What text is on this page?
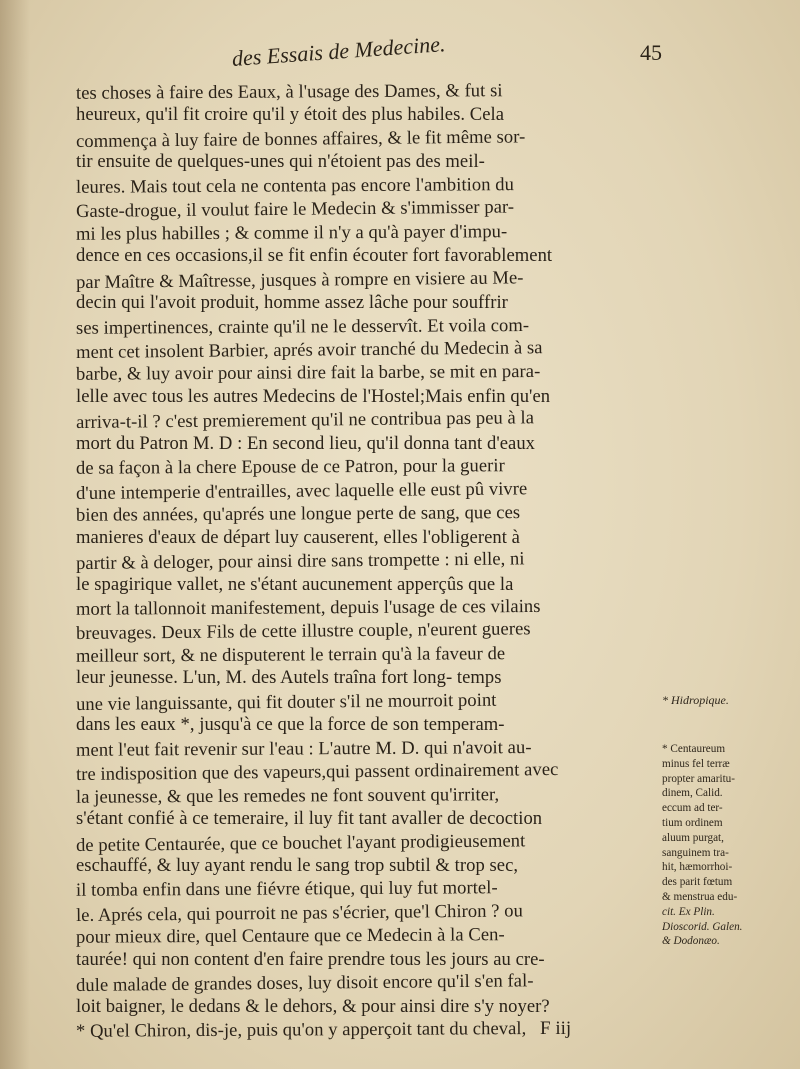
des Essais de Medecine.	45
tes choses à faire des Eaux, à l'usage des Dames, & fut si
heureux, qu'il fit croire qu'il y étoit des plus habiles. Cela
commença à luy faire de bonnes affaires, & le fit même sor-
tir ensuite de quelques-unes qui n'étoient pas des meil-
leures. Mais tout cela ne contenta pas encore l'ambition du
Gaste-drogue, il voulut faire le Medecin & s'immisser par-
mi les plus habilles ; & comme il n'y a qu'à payer d'impu-
dence en ces occasions,il se fit enfin écouter fort favorablement
par Maître & Maîtresse, jusques à rompre en visiere au Me-
decin qui l'avoit produit, homme assez lâche pour souffrir
ses impertinences, crainte qu'il ne le desservît. Et voila com-
ment cet insolent Barbier, aprés avoir tranché du Medecin à sa
barbe, & luy avoir pour ainsi dire fait la barbe, se mit en para-
lelle avec tous les autres Medecins de l'Hostel;Mais enfin qu'en
arriva-t-il ? c'est premierement qu'il ne contribua pas peu à la
mort du Patron M. D : En second lieu, qu'il donna tant d'eaux
de sa façon à la chere Epouse de ce Patron, pour la guerir
d'une intemperie d'entrailles, avec laquelle elle eust pû vivre
bien des années, qu'aprés une longue perte de sang, que ces
manieres d'eaux de départ luy causerent, elles l'obligerent à
partir & à deloger, pour ainsi dire sans trompette : ni elle, ni
le spagirique vallet, ne s'étant aucunement apperçûs que la
mort la tallonnoit manifestement, depuis l'usage de ces vilains
breuvages. Deux Fils de cette illustre couple, n'eurent gueres
meilleur sort, & ne disputerent le terrain qu'à la faveur de
leur jeunesse. L'un, M. des Autels traîna fort long- temps
une vie languissante, qui fit douter s'il ne mourroit point
dans les eaux *, jusqu'à ce que la force de son temperam-
ment l'eut fait revenir sur l'eau : L'autre M. D. qui n'avoit au-
tre indisposition que des vapeurs,qui passent ordinairement avec
la jeunesse, & que les remedes ne font souvent qu'irriter,
s'étant confié à ce temeraire, il luy fit tant avaller de decoction
de petite Centaurée, que ce bouchet l'ayant prodigieusement
eschauffé, & luy ayant rendu le sang trop subtil & trop sec,
il tomba enfin dans une fiévre étique, qui luy fut mortel-
le. Aprés cela, qui pourroit ne pas s'écrier, que'l Chiron ? ou
pour mieux dire, quel Centaure que ce Medecin à la Cen-
taurée! qui non content d'en faire prendre tous les jours au cre-
dule malade de grandes doses, luy disoit encore qu'il s'en fal-
loit baigner, le dedans & le dehors, & pour ainsi dire s'y noyer?
* Qu'el Chiron, dis-je, puis qu'on y apperçoit tant du cheval, F iij
* Hidropique.
* Centaureum
minus fel terræ
propter amaritu-
dinem, Calid.
eccum ad ter-
tium ordinem
aluum purgat,
sanguinem tra-
hit, hæmorrhoi-
des parit fœtum
& menstrua edu-
cit. Ex Plin.
Dioscorid. Galen.
& Dodonæo.
